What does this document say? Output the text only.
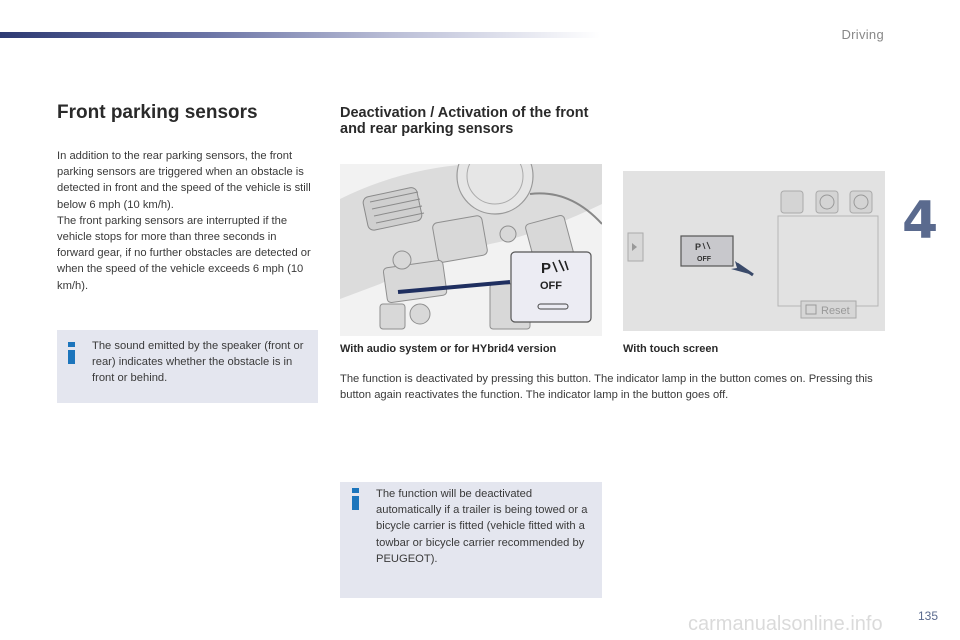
Driving
4
Front parking sensors

In addition to the rear parking sensors, the front parking sensors are triggered when an obstacle is detected in front and the speed of the vehicle is still below 6 mph (10 km/h).

The front parking sensors are interrupted if the vehicle stops for more than three seconds in forward gear, if no further obstacles are detected or when the speed of the vehicle exceeds 6 mph (10 km/h).

The sound emitted by the speaker (front or rear) indicates whether the obstacle is in front or behind.
Deactivation / Activation of the front and rear parking sensors
P
OFF
P
OFF
Reset
With audio system or for HYbrid4 version	With touch screen
The function is deactivated by pressing this button. The indicator lamp in the button comes on. Pressing this button again reactivates the function. The indicator lamp in the button goes off.
The function will be deactivated automatically if a trailer is being towed or a bicycle carrier is fitted (vehicle fitted with a towbar or bicycle carrier recommended by PEUGEOT).
carmanualsonline.info	135
